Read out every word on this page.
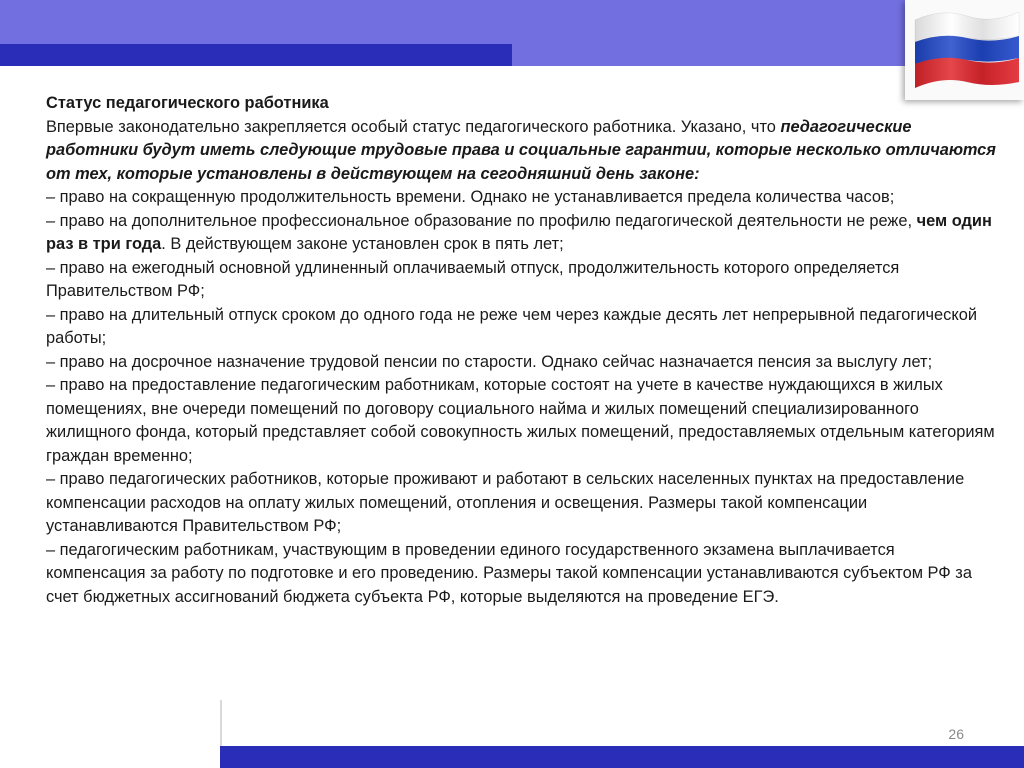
Статус педагогического работника

Впервые законодательно закрепляется особый статус педагогического работника. Указано, что педагогические работники будут иметь следующие трудовые права и социальные гарантии, которые несколько отличаются от тех, которые установлены в действующем на сегодняшний день законе:

– право на сокращенную продолжительность времени. Однако не устанавливается предела количества часов;

– право на дополнительное профессиональное образование по профилю педагогической деятельности не реже, чем один раз в три года. В действующем законе установлен срок в пять лет;

– право на ежегодный основной удлиненный оплачиваемый отпуск, продолжительность которого определяется Правительством РФ;

– право на длительный отпуск сроком до одного года не реже чем через каждые десять лет непрерывной педагогической работы;

– право на досрочное назначение трудовой пенсии по старости. Однако сейчас назначается пенсия за выслугу лет;

– право на предоставление педагогическим работникам, которые состоят на учете в качестве нуждающихся в жилых помещениях, вне очереди помещений по договору социального найма и жилых помещений специализированного жилищного фонда, который представляет собой совокупность жилых помещений, предоставляемых отдельным категориям граждан временно;

– право педагогических работников, которые проживают и работают в сельских населенных пунктах на предоставление компенсации расходов на оплату жилых помещений, отопления и освещения. Размеры такой компенсации устанавливаются Правительством РФ;

– педагогическим работникам, участвующим в проведении единого государственного экзамена выплачивается компенсация за работу по подготовке и его проведению. Размеры такой компенсации устанавливаются субъектом РФ за счет бюджетных ассигнований бюджета субъекта РФ, которые выделяются на проведение ЕГЭ.

26
